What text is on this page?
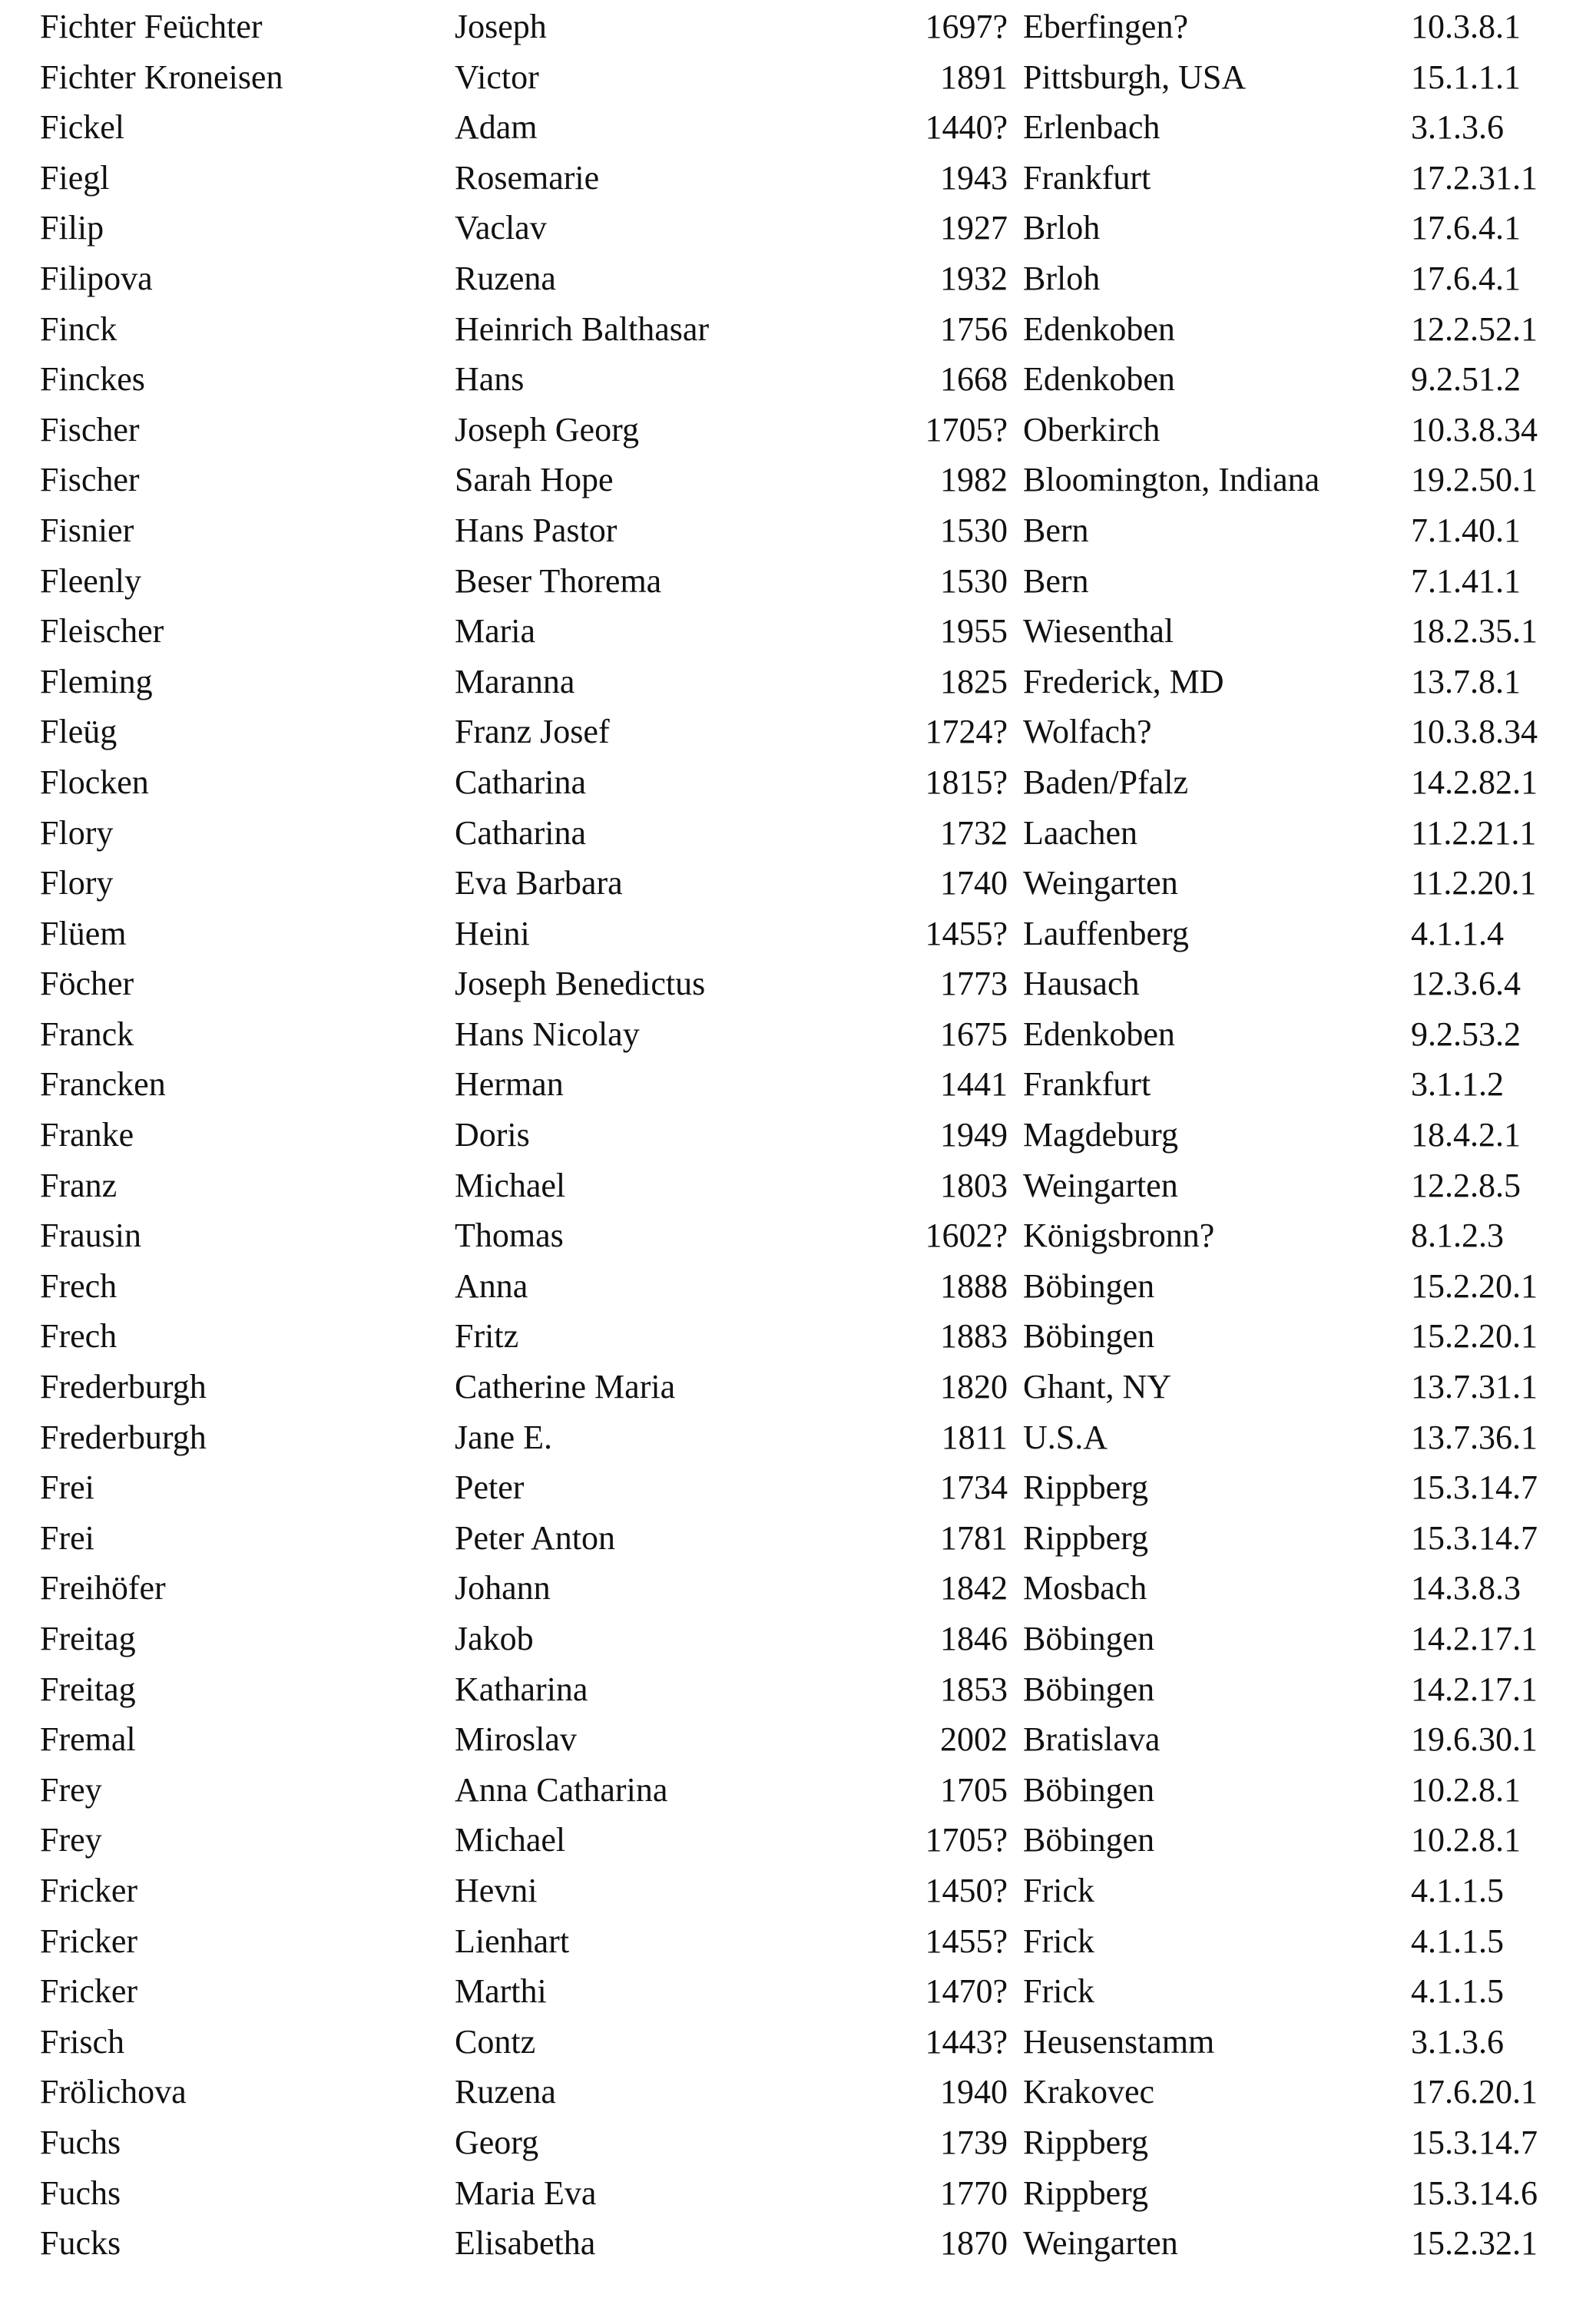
Fichter Feüchter	Joseph	1697? Eberfingen?	10.3.8.1
Fichter Kroneisen	Victor	1891 Pittsburgh, USA	15.1.1.1
Fickel	Adam	1440? Erlenbach	3.1.3.6
Fiegl	Rosemarie	1943 Frankfurt	17.2.31.1
Filip	Vaclav	1927 Brloh	17.6.4.1
Filipova	Ruzena	1932 Brloh	17.6.4.1
Finck	Heinrich Balthasar	1756 Edenkoben	12.2.52.1
Finckes	Hans	1668 Edenkoben	9.2.51.2
Fischer	Joseph Georg	1705? Oberkirch	10.3.8.34
Fischer	Sarah Hope	1982 Bloomington, Indiana	19.2.50.1
Fisnier	Hans Pastor	1530 Bern	7.1.40.1
Fleenly	Beser Thorema	1530 Bern	7.1.41.1
Fleischer	Maria	1955 Wiesenthal	18.2.35.1
Fleming	Maranna	1825 Frederick, MD	13.7.8.1
Fleüg	Franz Josef	1724? Wolfach?	10.3.8.34
Flocken	Catharina	1815? Baden/Pfalz	14.2.82.1
Flory	Catharina	1732 Laachen	11.2.21.1
Flory	Eva Barbara	1740 Weingarten	11.2.20.1
Flüem	Heini	1455? Lauffenberg	4.1.1.4
Föcher	Joseph Benedictus	1773 Hausach	12.3.6.4
Franck	Hans Nicolay	1675 Edenkoben	9.2.53.2
Francken	Herman	1441 Frankfurt	3.1.1.2
Franke	Doris	1949 Magdeburg	18.4.2.1
Franz	Michael	1803 Weingarten	12.2.8.5
Frausin	Thomas	1602? Königsbronn?	8.1.2.3
Frech	Anna	1888 Böbingen	15.2.20.1
Frech	Fritz	1883 Böbingen	15.2.20.1
Frederburgh	Catherine Maria	1820 Ghant, NY	13.7.31.1
Frederburgh	Jane E.	1811 U.S.A	13.7.36.1
Frei	Peter	1734 Rippberg	15.3.14.7
Frei	Peter Anton	1781 Rippberg	15.3.14.7
Freihöfer	Johann	1842 Mosbach	14.3.8.3
Freitag	Jakob	1846 Böbingen	14.2.17.1
Freitag	Katharina	1853 Böbingen	14.2.17.1
Fremal	Miroslav	2002 Bratislava	19.6.30.1
Frey	Anna Catharina	1705 Böbingen	10.2.8.1
Frey	Michael	1705? Böbingen	10.2.8.1
Fricker	Hevni	1450? Frick	4.1.1.5
Fricker	Lienhart	1455? Frick	4.1.1.5
Fricker	Marthi	1470? Frick	4.1.1.5
Frisch	Contz	1443? Heusenstamm	3.1.3.6
Frölichova	Ruzena	1940 Krakovec	17.6.20.1
Fuchs	Georg	1739 Rippberg	15.3.14.7
Fuchs	Maria Eva	1770 Rippberg	15.3.14.6
Fucks	Elisabetha	1870 Weingarten	15.2.32.1
